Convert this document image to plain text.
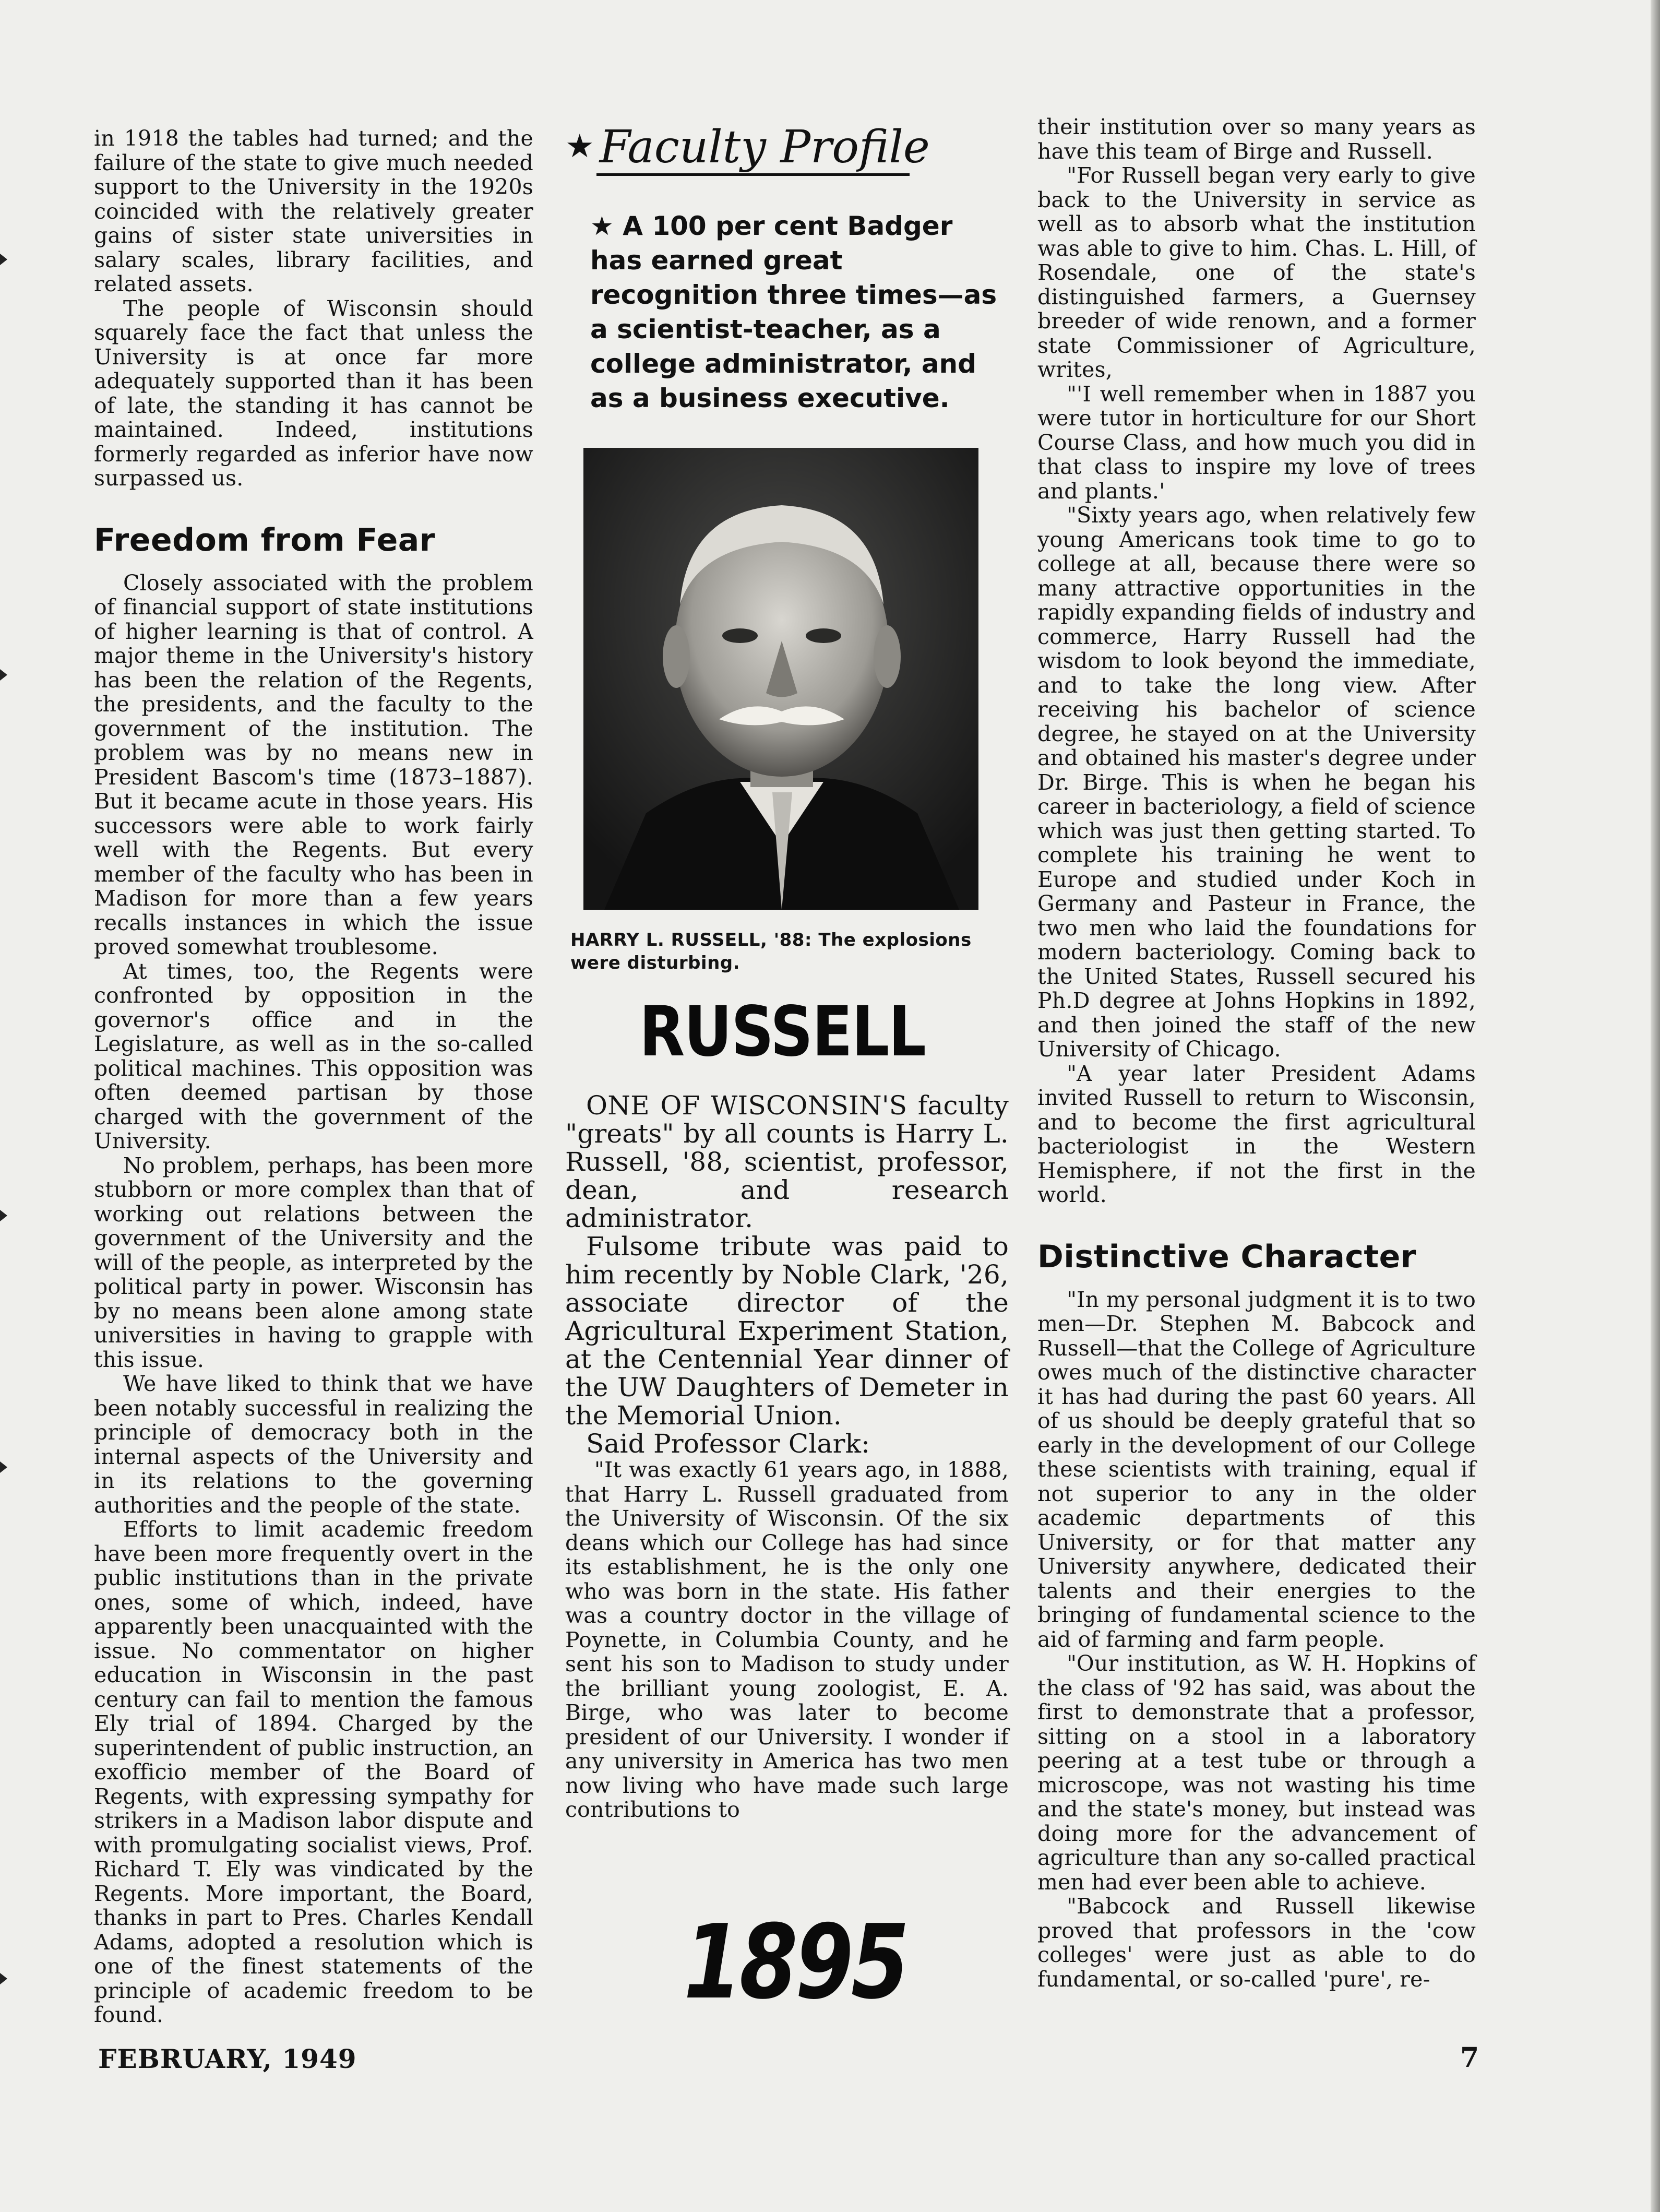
in 1918 the tables had turned; and the failure of the state to give much needed support to the University in the 1920s coincided with the relatively greater gains of sister state universities in salary scales, library facilities, and related assets.

The people of Wisconsin should squarely face the fact that unless the University is at once far more adequately supported than it has been of late, the standing it has cannot be maintained. Indeed, institutions formerly regarded as inferior have now surpassed us.

Freedom from Fear

Closely associated with the problem of financial support of state institutions of higher learning is that of control. A major theme in the University's history has been the relation of the Regents, the presidents, and the faculty to the government of the institution. The problem was by no means new in President Bascom's time (1873–1887). But it became acute in those years. His successors were able to work fairly well with the Regents. But every member of the faculty who has been in Madison for more than a few years recalls instances in which the issue proved somewhat troublesome.

At times, too, the Regents were confronted by opposition in the governor's office and in the Legislature, as well as in the so-called political machines. This opposition was often deemed partisan by those charged with the government of the University.

No problem, perhaps, has been more stubborn or more complex than that of working out relations between the government of the University and the will of the people, as interpreted by the political party in power. Wisconsin has by no means been alone among state universities in having to grapple with this issue.

We have liked to think that we have been notably successful in realizing the principle of democracy both in the internal aspects of the University and in its relations to the governing authorities and the people of the state.

Efforts to limit academic freedom have been more frequently overt in the public institutions than in the private ones, some of which, indeed, have apparently been unacquainted with the issue. No commentator on higher education in Wisconsin in the past century can fail to mention the famous Ely trial of 1894. Charged by the superintendent of public instruction, an exofficio member of the Board of Regents, with expressing sympathy for strikers in a Madison labor dispute and with promulgating socialist views, Prof. Richard T. Ely was vindicated by the Regents. More important, the Board, thanks in part to Pres. Charles Kendall Adams, adopted a resolution which is one of the finest statements of the principle of academic freedom to be found.

★ Faculty Profile
★ A 100 per cent Badger has earned great recognition three times—as a scientist-teacher, as a college administrator, and as a business executive.
HARRY L. RUSSELL, '88: The explosions were disturbing.
RUSSELL

ONE OF WISCONSIN'S faculty "greats" by all counts is Harry L. Russell, '88, scientist, professor, dean, and research administrator.

Fulsome tribute was paid to him recently by Noble Clark, '26, associate director of the Agricultural Experiment Station, at the Centennial Year dinner of the UW Daughters of Demeter in the Memorial Union.

Said Professor Clark:

"It was exactly 61 years ago, in 1888, that Harry L. Russell graduated from the University of Wisconsin. Of the six deans which our College has had since its establishment, he is the only one who was born in the state. His father was a country doctor in the village of Poynette, in Columbia County, and he sent his son to Madison to study under the brilliant young zoologist, E. A. Birge, who was later to become president of our University. I wonder if any university in America has two men now living who have made such large contributions to

1895

their institution over so many years as have this team of Birge and Russell.

"For Russell began very early to give back to the University in service as well as to absorb what the institution was able to give to him. Chas. L. Hill, of Rosendale, one of the state's distinguished farmers, a Guernsey breeder of wide renown, and a former state Commissioner of Agriculture, writes,

"'I well remember when in 1887 you were tutor in horticulture for our Short Course Class, and how much you did in that class to inspire my love of trees and plants.'

"Sixty years ago, when relatively few young Americans took time to go to college at all, because there were so many attractive opportunities in the rapidly expanding fields of industry and commerce, Harry Russell had the wisdom to look beyond the immediate, and to take the long view. After receiving his bachelor of science degree, he stayed on at the University and obtained his master's degree under Dr. Birge. This is when he began his career in bacteriology, a field of science which was just then getting started. To complete his training he went to Europe and studied under Koch in Germany and Pasteur in France, the two men who laid the foundations for modern bacteriology. Coming back to the United States, Russell secured his Ph.D degree at Johns Hopkins in 1892, and then joined the staff of the new University of Chicago.

"A year later President Adams invited Russell to return to Wisconsin, and to become the first agricultural bacteriologist in the Western Hemisphere, if not the first in the world.

Distinctive Character

"In my personal judgment it is to two men—Dr. Stephen M. Babcock and Russell—that the College of Agriculture owes much of the distinctive character it has had during the past 60 years. All of us should be deeply grateful that so early in the development of our College these scientists with training, equal if not superior to any in the older academic departments of this University, or for that matter any University anywhere, dedicated their talents and their energies to the bringing of fundamental science to the aid of farming and farm people.

"Our institution, as W. H. Hopkins of the class of '92 has said, was about the first to demonstrate that a professor, sitting on a stool in a laboratory peering at a test tube or through a microscope, was not wasting his time and the state's money, but instead was doing more for the advancement of agriculture than any so-called practical men had ever been able to achieve.

"Babcock and Russell likewise proved that professors in the 'cow colleges' were just as able to do fundamental, or so-called 'pure', re-

FEBRUARY, 1949	7
